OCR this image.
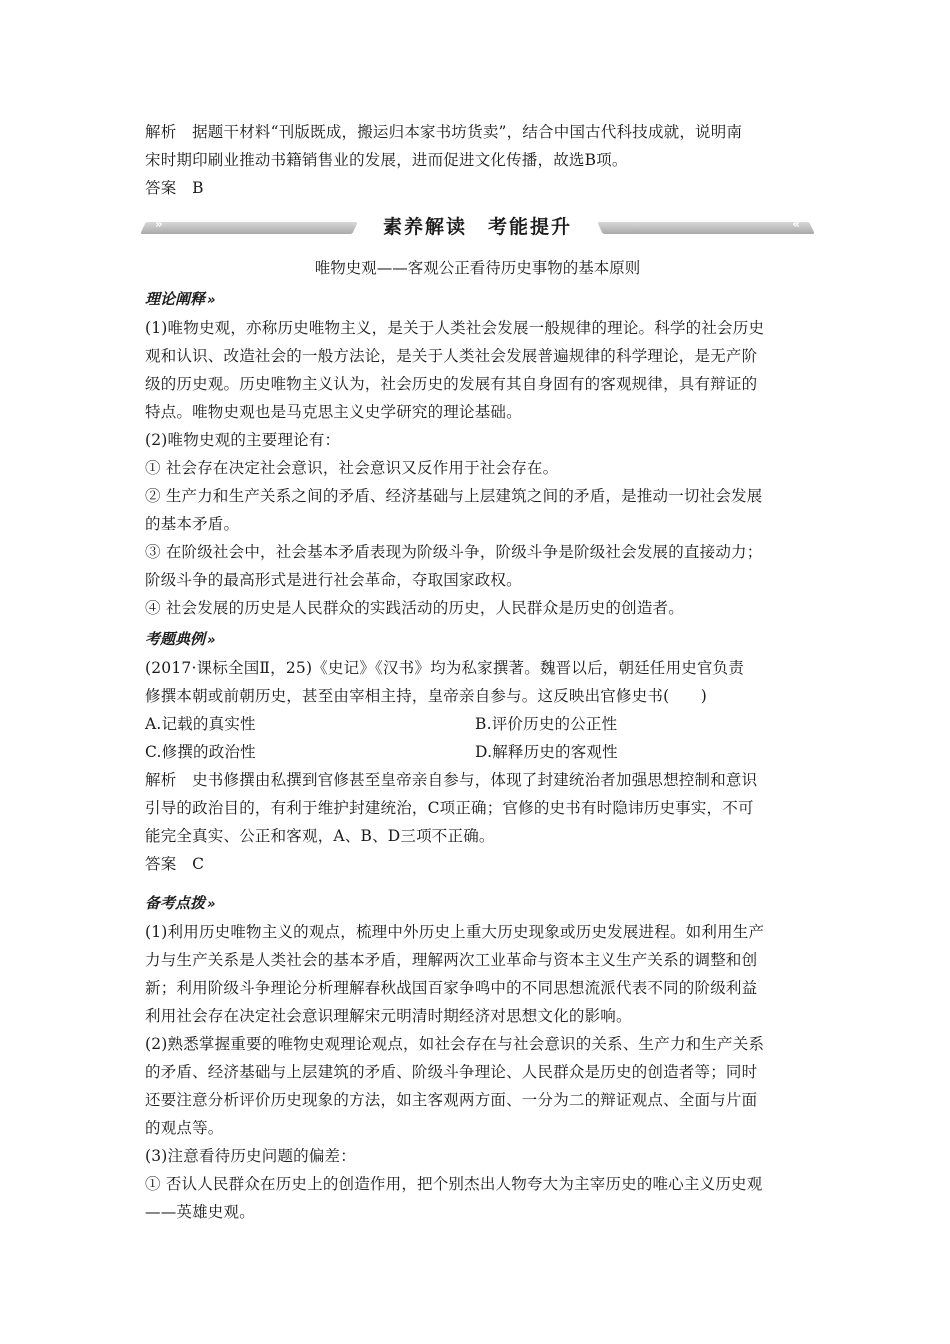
解析　据题干材料“刊版既成，搬运归本家书坊货卖”，结合中国古代科技成就，说明南
宋时期印刷业推动书籍销售业的发展，进而促进文化传播，故选B项。
答案　B
»	«
素养解读　考能提升
唯物史观——客观公正看待历史事物的基本原则
理论阐释 »
(1)唯物史观，亦称历史唯物主义，是关于人类社会发展一般规律的理论。科学的社会历史
观和认识、改造社会的一般方法论，是关于人类社会发展普遍规律的科学理论，是无产阶
级的历史观。历史唯物主义认为，社会历史的发展有其自身固有的客观规律，具有辩证的
特点。唯物史观也是马克思主义史学研究的理论基础。
(2)唯物史观的主要理论有：
① 社会存在决定社会意识，社会意识又反作用于社会存在。
② 生产力和生产关系之间的矛盾、经济基础与上层建筑之间的矛盾，是推动一切社会发展
的基本矛盾。
③ 在阶级社会中，社会基本矛盾表现为阶级斗争，阶级斗争是阶级社会发展的直接动力；
阶级斗争的最高形式是进行社会革命，夺取国家政权。
④ 社会发展的历史是人民群众的实践活动的历史，人民群众是历史的创造者。
考题典例 »
(2017·课标全国Ⅱ，25)《史记》《汉书》均为私家撰著。魏晋以后，朝廷任用史官负责
修撰本朝或前朝历史，甚至由宰相主持，皇帝亲自参与。这反映出官修史书(　　)
A.记载的真实性	B.评价历史的公正性
C.修撰的政治性	D.解释历史的客观性
解析　史书修撰由私撰到官修甚至皇帝亲自参与，体现了封建统治者加强思想控制和意识
引导的政治目的，有利于维护封建统治，C项正确；官修的史书有时隐讳历史事实，不可
能完全真实、公正和客观，A、B、D三项不正确。
答案　C
备考点拨 »
(1)利用历史唯物主义的观点，梳理中外历史上重大历史现象或历史发展进程。如利用生产
力与生产关系是人类社会的基本矛盾，理解两次工业革命与资本主义生产关系的调整和创
新；利用阶级斗争理论分析理解春秋战国百家争鸣中的不同思想流派代表不同的阶级利益
利用社会存在决定社会意识理解宋元明清时期经济对思想文化的影响。
(2)熟悉掌握重要的唯物史观理论观点，如社会存在与社会意识的关系、生产力和生产关系
的矛盾、经济基础与上层建筑的矛盾、阶级斗争理论、人民群众是历史的创造者等；同时
还要注意分析评价历史现象的方法，如主客观两方面、一分为二的辩证观点、全面与片面
的观点等。
(3)注意看待历史问题的偏差：
① 否认人民群众在历史上的创造作用，把个别杰出人物夸大为主宰历史的唯心主义历史观
——英雄史观。
